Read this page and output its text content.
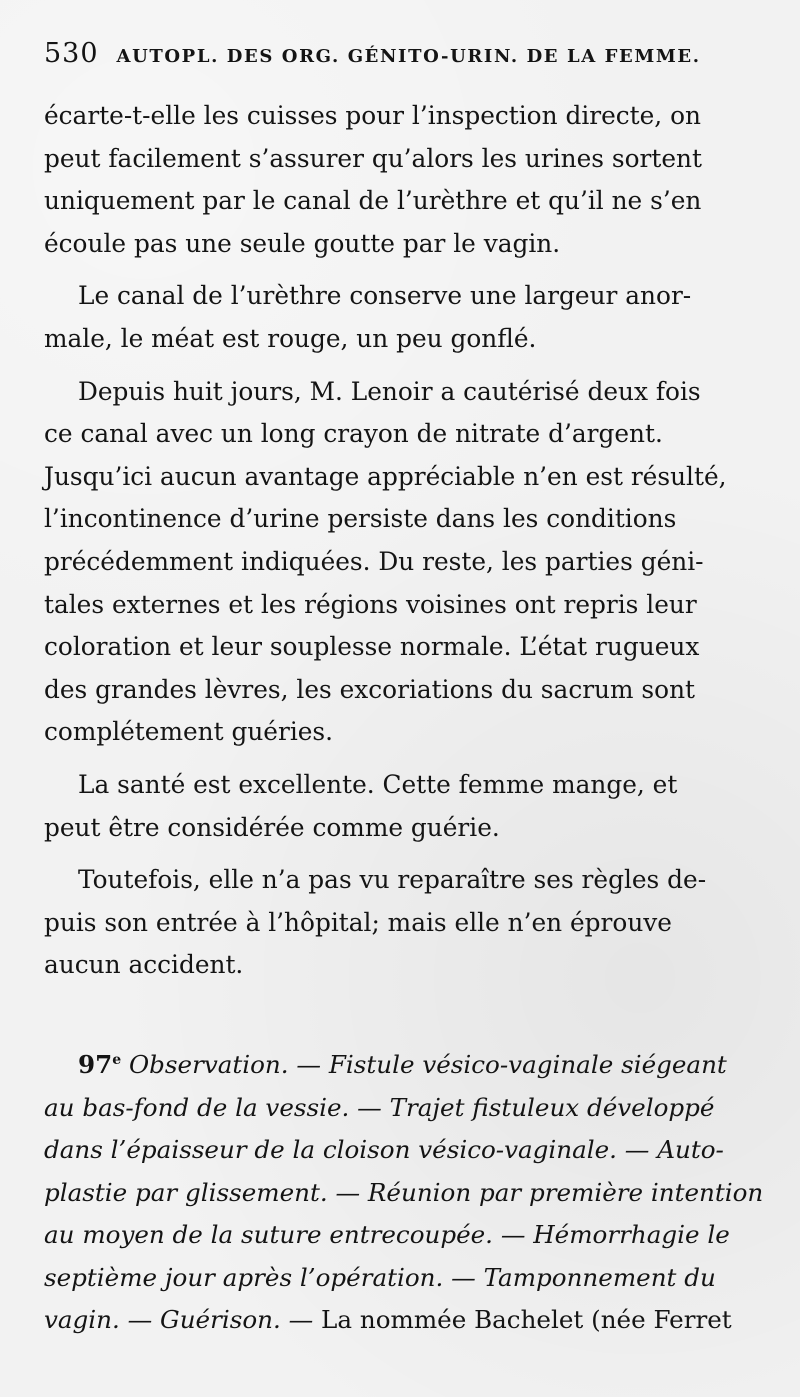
530 AUTOPL. DES ORG. GÉNITO-URIN. DE LA FEMME.

écarte-t-elle les cuisses pour l’inspection directe, on
peut facilement s’assurer qu’alors les urines sortent
uniquement par le canal de l’urèthre et qu’il ne s’en
écoule pas une seule goutte par le vagin.

Le canal de l’urèthre conserve une largeur anor-
male, le méat est rouge, un peu gonflé.

Depuis huit jours, M. Lenoir a cautérisé deux fois
ce canal avec un long crayon de nitrate d’argent.
Jusqu’ici aucun avantage appréciable n’en est résulté,
l’incontinence d’urine persiste dans les conditions
précédemment indiquées. Du reste, les parties géni-
tales externes et les régions voisines ont repris leur
coloration et leur souplesse normale. L’état rugueux
des grandes lèvres, les excoriations du sacrum sont
complétement guéries.

La santé est excellente. Cette femme mange, et
peut être considérée comme guérie.

Toutefois, elle n’a pas vu reparaître ses règles de-
puis son entrée à l’hôpital; mais elle n’en éprouve
aucun accident.

97e Observation. — Fistule vésico-vaginale siégeant
au bas-fond de la vessie. — Trajet fistuleux développé
dans l’épaisseur de la cloison vésico-vaginale. — Auto-
plastie par glissement. — Réunion par première intention
au moyen de la suture entrecoupée. — Hémorrhagie le
septième jour après l’opération. — Tamponnement du
vagin. — Guérison. — La nommée Bachelet (née Ferret
